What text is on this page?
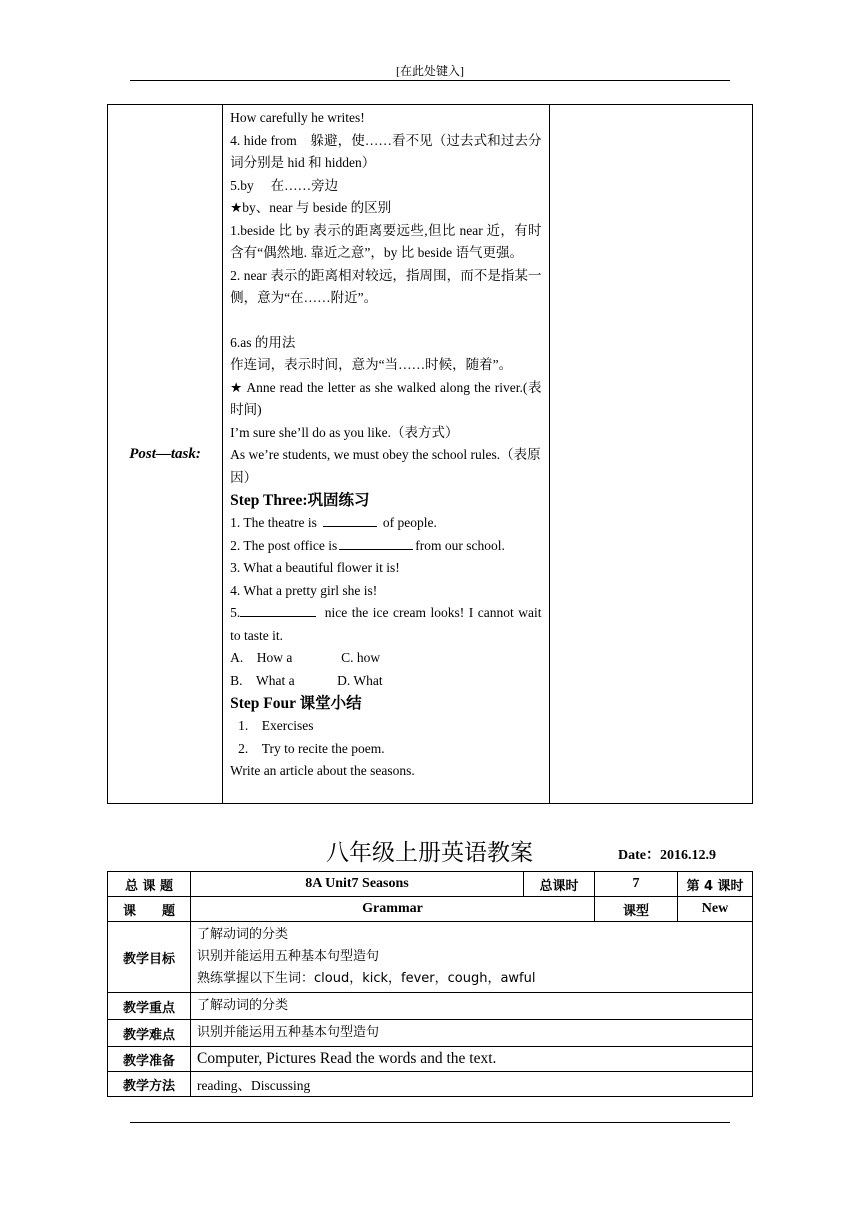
[在此处键入]
Post—task:	
How carefully he writes!
4. hide from　躲避，使……看不见（过去式和过去分词分别是 hid 和 hidden）
5.by　 在……旁边
★by、near 与 beside 的区别
1.beside 比 by 表示的距离要远些,但比 near 近，有时含有“偶然地. 靠近之意”，by 比 beside 语气更强。
2. near 表示的距离相对较远，指周围，而不是指某一侧，意为“在……附近”。
6.as 的用法
作连词，表示时间，意为“当……时候，随着”。
★ Anne read the letter as she walked along the river.(表时间)
I’m sure she’ll do as you like.（表方式）
As we’re students, we must obey the school rules.（表原因）
Step Three:巩固练习
1. The theatre is	of people.
2. The post office is	from our school.
3. What a beautiful flower it is!
4. What a pretty girl she is!
5.	nice the ice cream looks! I cannot wait to taste it.
A.　How a	C. how
B.　What a	D. What
Step Four 课堂小结
1.　Exercises
2.　Try to recite the poem.
Write an article about the seasons.

八年级上册英语教案	Date：2016.12.9
总 课 题	8A Unit7 Seasons	总课时	7	第 4 课时
课　　题	Grammar		课型	New
教学目标	了解动词的分类
识别并能运用五种基本句型造句
熟练掌握以下生词：cloud，kick，fever，cough，awful			

教学重点	了解动词的分类			
教学难点	识别并能运用五种基本句型造句			
教学准备	Computer, Pictures Read the words and the text.			
教学方法	reading、Discussing			
